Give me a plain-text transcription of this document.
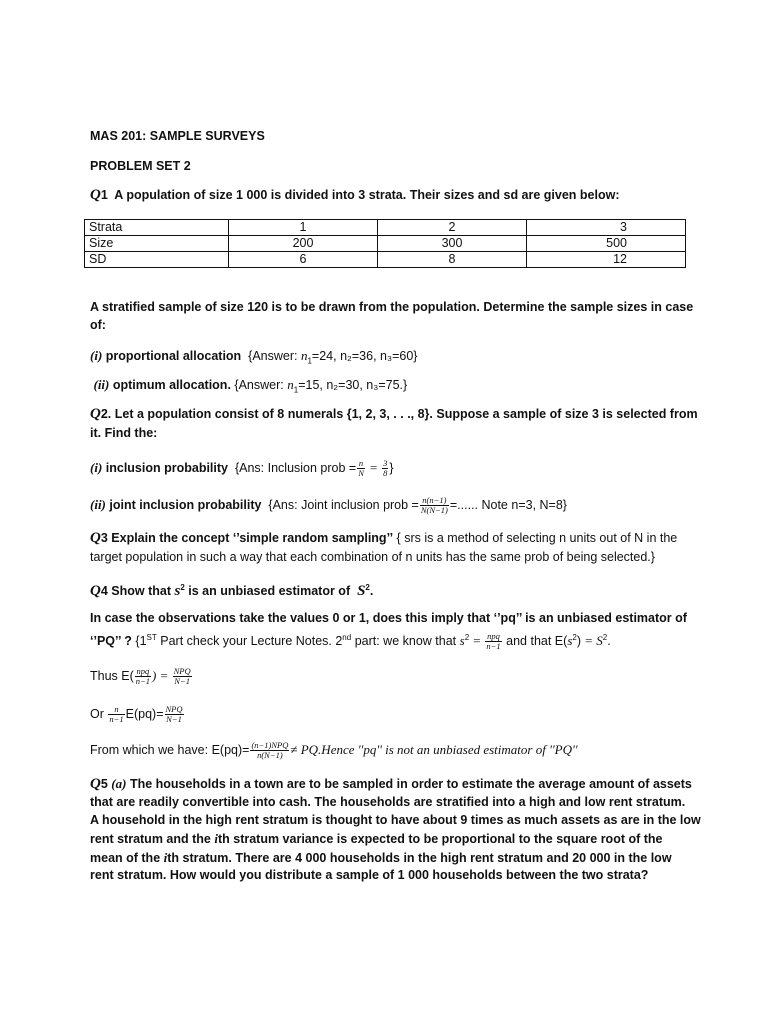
MAS 201: SAMPLE SURVEYS
PROBLEM SET 2
Q1 A population of size 1 000 is divided into 3 strata. Their sizes and sd are given below:
Strata	1	2	3
Size	200	300	500
SD	6	8	12
A stratified sample of size 120 is to be drawn from the population. Determine the sample sizes in case
of:
(i) proportional allocation {Answer: $n_1=24$, n₂=36, n₃=60}
(ii) optimum allocation. {Answer: $n_1=15$, n₂=30, n₃=75.}
Q2. Let a population consist of 8 numerals {1, 2, 3, . . ., 8}. Suppose a sample of size 3 is selected from
it. Find the:
(i) inclusion probability {Ans: Inclusion prob = $\frac{n}{N} = \frac{3}{8}$ }
(ii) joint inclusion probability {Ans: Joint inclusion prob = $\frac{n(n-1)}{N(N-1)}$ =...... Note n=3, N=8}
Q3 Explain the concept ‘’simple random sampling’’ { srs is a method of selecting n units out of N in the
target population in such a way that each combination of n units has the same prob of being selected.}
Q4 Show that $s^2$ is an unbiased estimator of $S^2$.
In case the observations take the values 0 or 1, does this imply that ‘’pq’’ is an unbiased estimator of
‘’PQ’’ ? {1ST Part check your Lecture Notes. 2nd part: we know that $s^2 = \frac{\text{npq}}{n-1}$ and that $E(s^2) = S^2$.
Thus $E( \frac{\text{npq}}{n-1}$ ) = $\frac{\text{NPQ}}{N-1}$
Or $\frac{n}{n-1} E(pq)= \frac{\text{NPQ}}{N-1}$
From which we have: $E(pq)= \frac{\text{(n−1)NPQ}}{n(N-1)}$ ≠ PQ.Hence ''pq'' is not an unbiased estimator of ''PQ''
Q5 (a) The households in a town are to be sampled in order to estimate the average amount of assets
that are readily convertible into cash. The households are stratified into a high and low rent stratum.
A household in the high rent stratum is thought to have about 9 times as much assets as are in the low
rent stratum and the ith stratum variance is expected to be proportional to the square root of the
mean of the ith stratum. There are 4 000 households in the high rent stratum and 20 000 in the low
rent stratum. How would you distribute a sample of 1 000 households between the two strata?
